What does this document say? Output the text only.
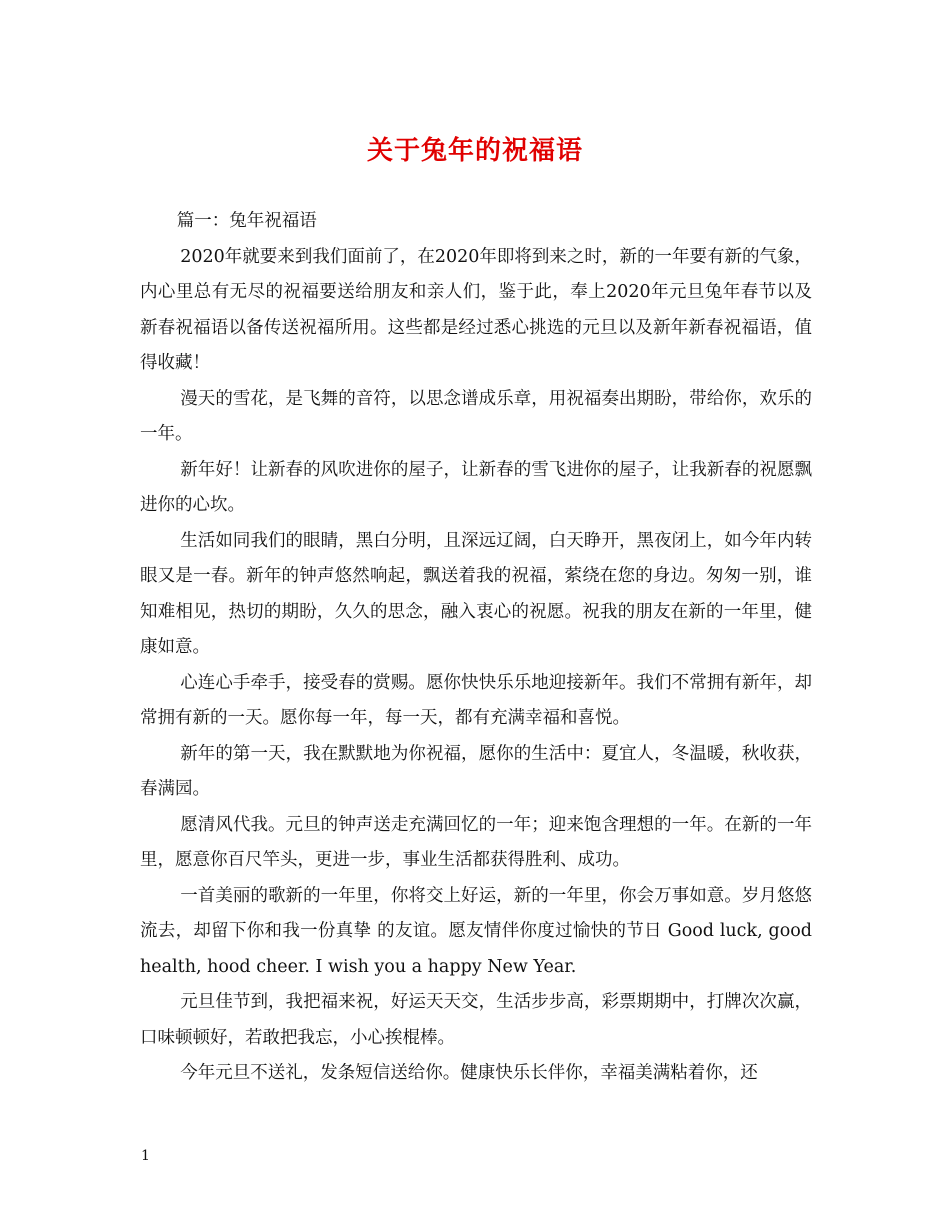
关于兔年的祝福语

篇一：兔年祝福语

2020年就要来到我们面前了，在2020年即将到来之时，新的一年要有新的气象，内心里总有无尽的祝福要送给朋友和亲人们，鉴于此，奉上2020年元旦兔年春节以及新春祝福语以备传送祝福所用。这些都是经过悉心挑选的元旦以及新年新春祝福语，值得收藏！

漫天的雪花，是飞舞的音符，以思念谱成乐章，用祝福奏出期盼，带给你，欢乐的一年。

新年好！让新春的风吹进你的屋子，让新春的雪飞进你的屋子，让我新春的祝愿飘进你的心坎。

生活如同我们的眼睛，黑白分明，且深远辽阔，白天睁开，黑夜闭上，如今年内转眼又是一春。新年的钟声悠然响起，飘送着我的祝福，萦绕在您的身边。匆匆一别，谁知难相见，热切的期盼，久久的思念，融入衷心的祝愿。祝我的朋友在新的一年里，健康如意。

心连心手牵手，接受春的赏赐。愿你快快乐乐地迎接新年。我们不常拥有新年，却常拥有新的一天。愿你每一年，每一天，都有充满幸福和喜悦。

新年的第一天，我在默默地为你祝福，愿你的生活中：夏宜人，冬温暖，秋收获，春满园。

愿清风代我。元旦的钟声送走充满回忆的一年；迎来饱含理想的一年。在新的一年里，愿意你百尺竿头，更进一步，事业生活都获得胜利、成功。

一首美丽的歌新的一年里，你将交上好运，新的一年里，你会万事如意。岁月悠悠流去，却留下你和我一份真挚 的友谊。愿友情伴你度过愉快的节日 Good luck, good health, hood cheer. I wish you a happy New Year.

元旦佳节到，我把福来祝，好运天天交，生活步步高，彩票期期中，打牌次次赢，口味顿顿好，若敢把我忘，小心挨棍棒。

今年元旦不送礼，发条短信送给你。健康快乐长伴你，幸福美满粘着你，还

1
